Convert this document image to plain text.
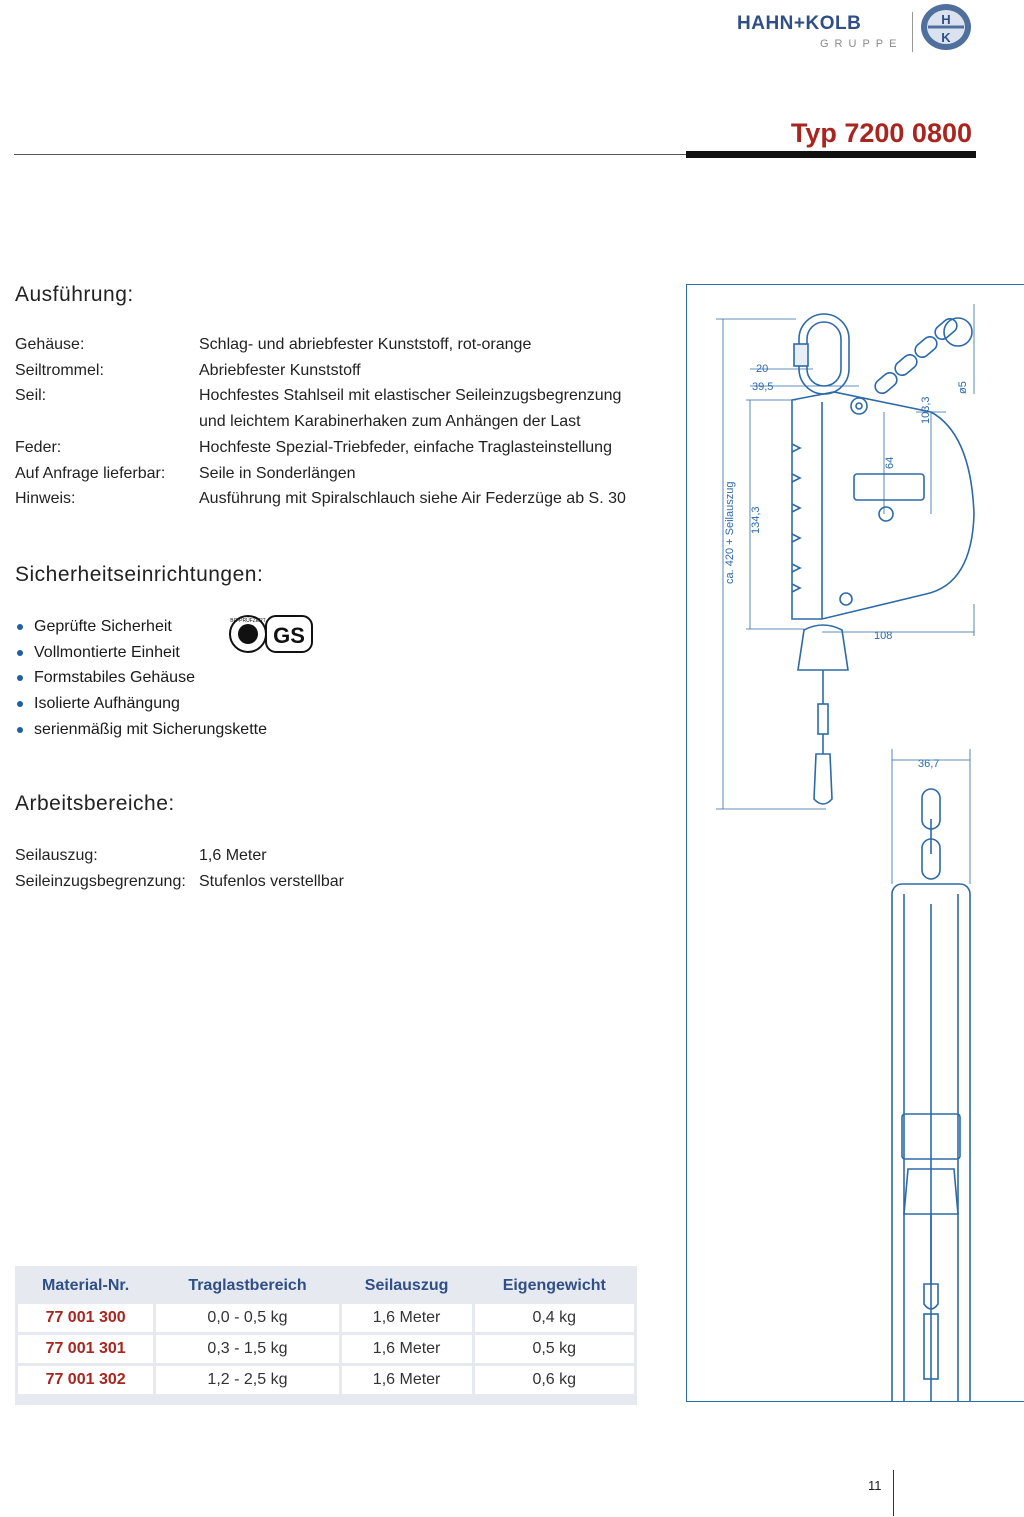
HAHN+KOLB
GRUPPE
H
K
Typ 7200 0800
Ausführung:
Gehäuse:	Schlag- und abriebfester Kunststoff, rot-orange
Seiltrommel:	Abriebfester Kunststoff
Seil:	Hochfestes Stahlseil mit elastischer Seileinzugsbegrenzung und leichtem Karabinerhaken zum Anhängen der Last
Feder:	Hochfeste Spezial-Triebfeder, einfache Traglasteinstellung
Auf Anfrage lieferbar:	Seile in Sonderlängen
Hinweis:	Ausführung mit Spiralschlauch siehe Air Federzüge ab S. 30
Sicherheitseinrichtungen:
Geprüfte Sicherheit
Vollmontierte Einheit
Formstabiles Gehäuse
Isolierte Aufhängung
serienmäßig mit Sicherungskette
BG-PRÜFZERT
GS
Arbeitsbereiche:
Seilauszug:	1,6 Meter
Seileinzugsbegrenzung: Stufenlos verstellbar
Material-Nr.	Traglastbereich	Seilauszug	Eigengewicht
77 001 300	0,0 - 0,5 kg	1,6 Meter	0,4 kg
77 001 301	0,3 - 1,5 kg	1,6 Meter	0,5 kg
77 001 302	1,2 - 2,5 kg	1,6 Meter	0,6 kg
20
39,5
103,3
ø5
64
134,3
ca. 420 + Seilauszug
108
36,7
11
